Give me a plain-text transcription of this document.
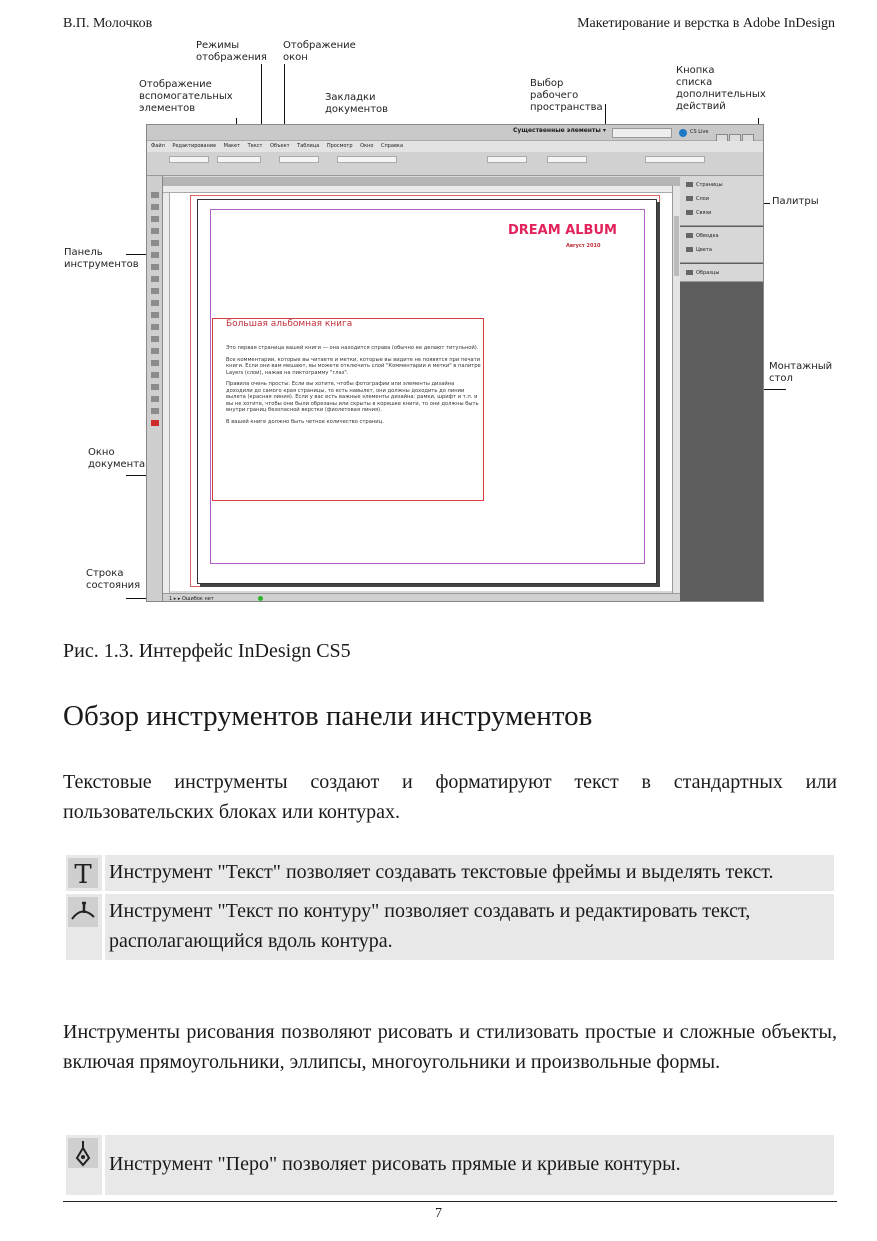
В.П. Молочков	Макетирование и верстка в Adobe InDesign
Режимы
отображения
Отображение
окон
Отображение
вспомогательных
элементов
Закладки
документов
Выбор
рабочего
пространства
Кнопка
списка
дополнительных
действий
Палитры
Панель
инструментов
Монтажный
стол
Окно
документа
Строка
состояния
Существенные элементы ▾	CS Live
Файл Редактирование Макет Текст Объект Таблица Просмотр Окно Справка
DREAM ALBUM
Август 2010
Большая альбомная книга

Это первая страница вашей книги — она находится справа (обычно ее делают титульной).

Все комментарии, которые вы читаете и метки, которые вы видите не появятся при печати книги. Если они вам мешают, вы можете отключить слой "Комментарии и метки" в палитре Layers (слои), нажав на пиктограмму "глаз".

Правила очень просты: Если вы хотите, чтобы фотографии или элементы дизайна доходили до самого края страницы, то есть навылет, они должны доходить до линии вылета (красная линия). Если у вас есть важные элементы дизайна: рамки, шрифт и т.п. и вы не хотите, чтобы они были обрезаны или скрыты в корешке книги, то они должны быть внутри границ безопасной верстки (фиолетовая линия).

В вашей книге должно быть четное количество страниц.

1 ▸ ▸ Ошибок нет
Страницы
Слои
Связи
Обводка
Цвета
Образцы
Рис. 1.3. Интерфейс InDesign CS5
Обзор инструментов панели инструментов

Текстовые инструменты создают и форматируют текст в стандартных или пользовательских блоках или контурах.

T	Инструмент "Текст" позволяет создавать текстовые фреймы и выделять текст.

	Инструмент "Текст по контуру" позволяет создавать и редактировать текст, располагающийся вдоль контура.

Инструменты рисования позволяют рисовать и стилизовать простые и сложные объекты, включая прямоугольники, эллипсы, многоугольники и произвольные формы.

	Инструмент "Перо" позволяет рисовать прямые и кривые контуры.
7
